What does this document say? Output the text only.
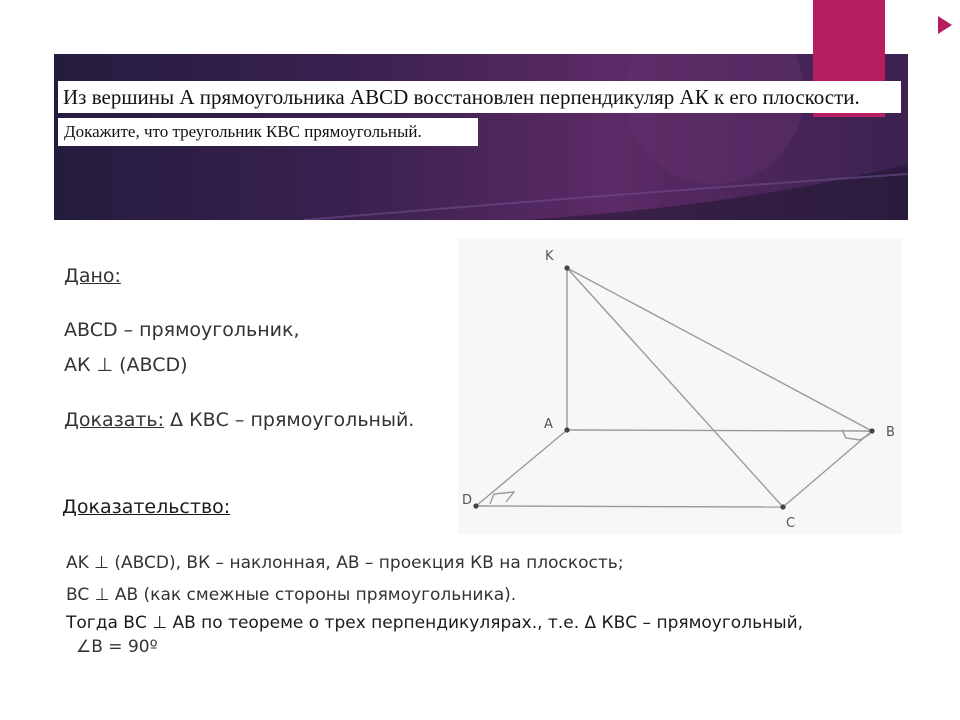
Из вершины А прямоугольника ABCD восстановлен перпендикуляр АК к его плоскости.
Докажите, что треугольник КВС прямоугольный.
Дано:
ABCD – прямоугольник,
АК ⊥ (ABCD)
Доказать: Δ КВС – прямоугольный.
Доказательство:
AK ⊥ (ABCD), ВК – наклонная, АВ – проекция КВ на плоскость;
BC ⊥ AB (как смежные стороны прямоугольника).
Тогда ВС ⊥ АВ по теореме о трех перпендикулярах., т.е. Δ КВС – прямоугольный,
∠B = 90º
K
A
B
C
D
